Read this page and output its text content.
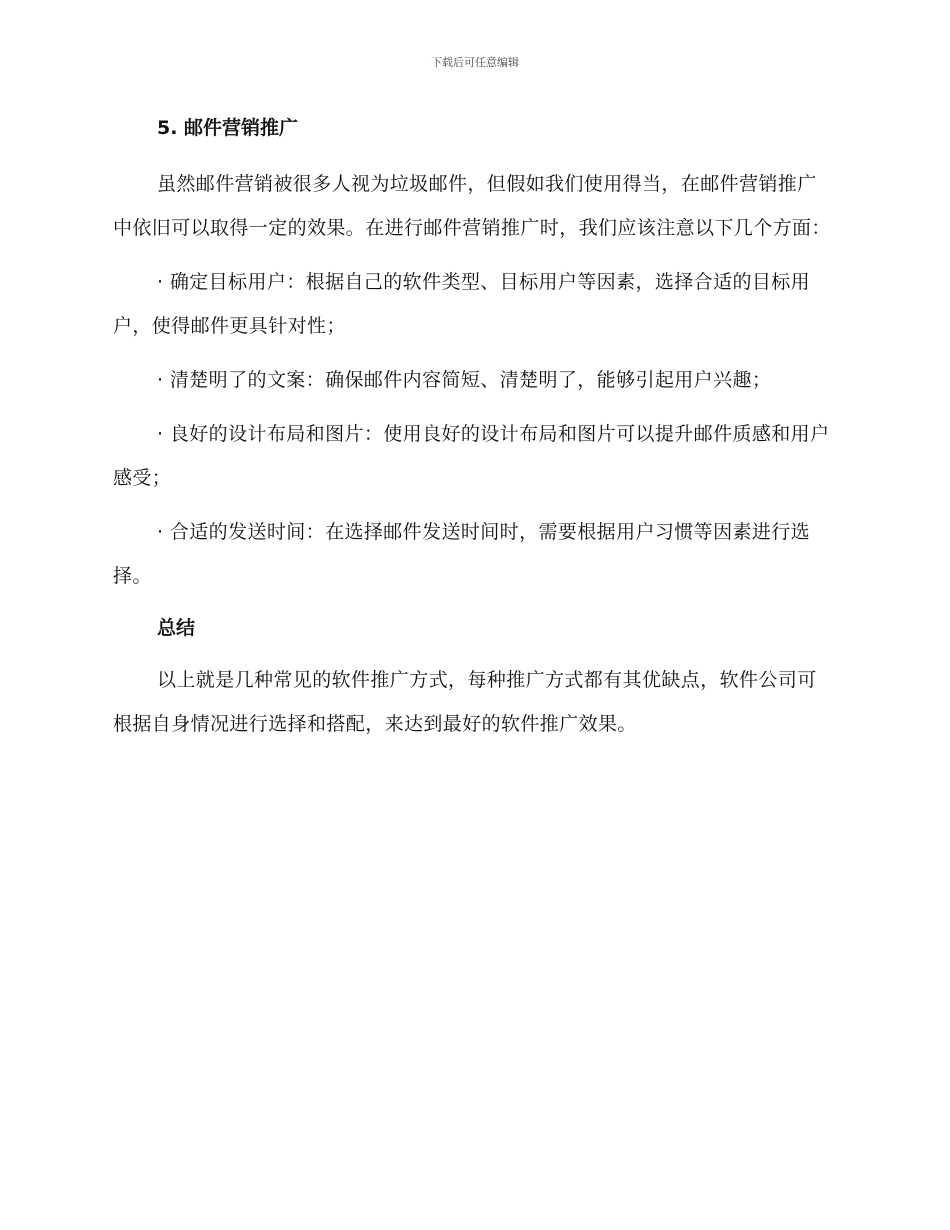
下载后可任意编辑
5. 邮件营销推广

虽然邮件营销被很多人视为垃圾邮件，但假如我们使用得当，在邮件营销推广中依旧可以取得一定的效果。在进行邮件营销推广时，我们应该注意以下几个方面：

· 确定目标用户：根据自己的软件类型、目标用户等因素，选择合适的目标用户，使得邮件更具针对性；

· 清楚明了的文案：确保邮件内容简短、清楚明了，能够引起用户兴趣；

· 良好的设计布局和图片：使用良好的设计布局和图片可以提升邮件质感和用户感受；

· 合适的发送时间：在选择邮件发送时间时，需要根据用户习惯等因素进行选择。

总结

以上就是几种常见的软件推广方式，每种推广方式都有其优缺点，软件公司可根据自身情况进行选择和搭配，来达到最好的软件推广效果。
